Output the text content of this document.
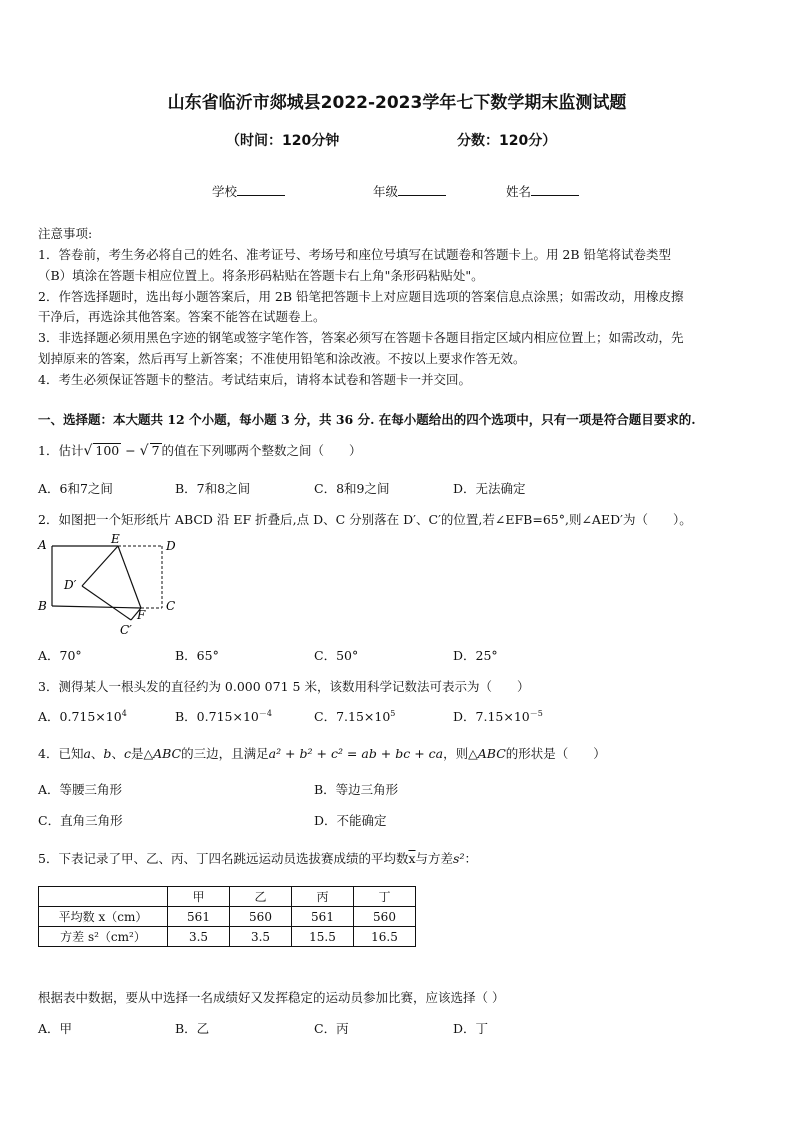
山东省临沂市郯城县2022-2023学年七下数学期末监测试题
（时间：120分钟	分数：120分）
学校	年级	姓名
注意事项:
1．答卷前，考生务必将自己的姓名、准考证号、考场号和座位号填写在试题卷和答题卡上。用 2B 铅笔将试卷类型
（B）填涂在答题卡相应位置上。将条形码粘贴在答题卡右上角"条形码粘贴处"。
2．作答选择题时，选出每小题答案后，用 2B 铅笔把答题卡上对应题目选项的答案信息点涂黑；如需改动，用橡皮擦
干净后，再选涂其他答案。答案不能答在试题卷上。
3．非选择题必须用黑色字迹的钢笔或签字笔作答，答案必须写在答题卡各题目指定区域内相应位置上；如需改动，先
划掉原来的答案，然后再写上新答案；不准使用铅笔和涂改液。不按以上要求作答无效。
4．考生必须保证答题卡的整洁。考试结束后，请将本试卷和答题卡一并交回。
一、选择题：本大题共 12 个小题，每小题 3 分，共 36 分. 在每小题给出的四个选项中，只有一项是符合题目要求的.
1．估计√ 100 − √ 7 的值在下列哪两个整数之间（　　）
A．6和7之间	B．7和8之间	C．8和9之间	D．无法确定
2．如图把一个矩形纸片 ABCD 沿 EF 折叠后,点 D、C 分别落在 D′、C′的位置,若∠EFB=65°,则∠AED′为（　　）。
A	E	D
D′
B
F
C
C′
A．70°	B．65°	C．50°	D．25°
3．测得某人一根头发的直径约为 0.000 071 5 米，该数用科学记数法可表示为（　　）
A．$0.715\times 10^4$	B．$0.715\times 10^{-4}$	C．$7.15\times 10^5$	D．$7.15\times 10^{-5}$
4．已知a、b、c是△ABC的三边，且满足a² + b² + c² = ab + bc + ca，则△ABC的形状是（　　）
A．等腰三角形	B．等边三角形
C．直角三角形	D．不能确定
5．下表记录了甲、乙、丙、丁四名跳远运动员选拔赛成绩的平均数$\overline{x}$与方差s²：
	甲	乙	丙	丁
平均数 x（cm）	561	560	561	560
方差 s²（cm²）	3.5	3.5	15.5	16.5
根据表中数据，要从中选择一名成绩好又发挥稳定的运动员参加比赛，应该选择（ ）
A．甲	B．乙	C．丙	D．丁
